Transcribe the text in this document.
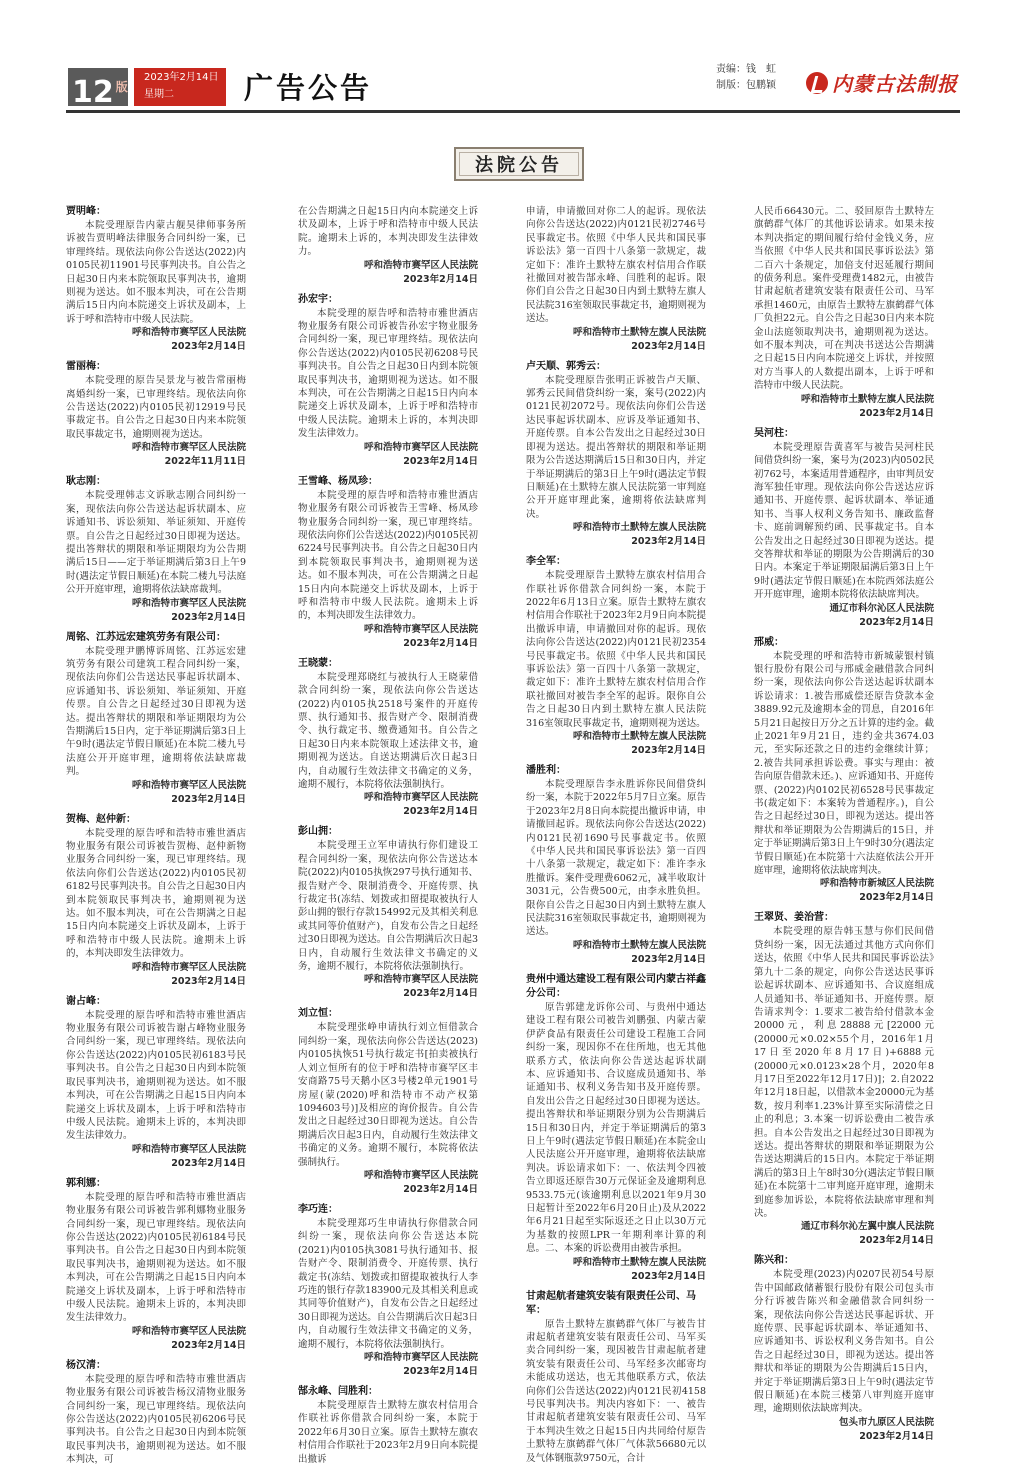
12 $^版$
2023年2月14日
星期二	广告公告
责编：钱　虹
制版：包鹏颖	内蒙古法制报
法院公告
贾明峰：

本院受理原告内蒙古舰昊律师事务所诉被告贾明峰法律服务合同纠纷一案，已审理终结。现依法向你公告送达(2022)内0105民初11901号民事判决书。自公告之日起30日内来本院领取民事判决书，逾期则视为送达。如不服本判决，可在公告期满后15日内向本院递交上诉状及副本，上诉于呼和浩特市中级人民法院。

呼和浩特市赛罕区人民法院
2023年2月14日
雷丽梅：

本院受理的原告吴景龙与被告常丽梅离婚纠纷一案，已审理终结。现依法向你公告送达(2022)内0105民初12919号民事裁定书。自公告之日起30日内来本院领取民事裁定书，逾期则视为送达。

呼和浩特市赛罕区人民法院
2022年11月11日
耿志刚：

本院受理韩志文诉耿志刚合同纠纷一案，现依法向你公告送达起诉状副本、应诉通知书、诉讼须知、举证须知、开庭传票。自公告之日起经过30日即视为送达。提出答辩状的期限和举证期限均为公告期满后15日——定于举证期满后第3日上午9时(遇法定节假日顺延)在本院二楼九号法庭公开开庭审理，逾期将依法缺席裁判。

呼和浩特市赛罕区人民法院
2023年2月14日
周铭、江苏远宏建筑劳务有限公司：

本院受理尹鹏博诉周铭、江苏远宏建筑劳务有限公司建筑工程合同纠纷一案，现依法向你们公告送达民事起诉状副本、应诉通知书、诉讼须知、举证须知、开庭传票。自公告之日起经过30日即视为送达。提出答辩状的期限和举证期限均为公告期满后15日内，定于举证期满后第3日上午9时(遇法定节假日顺延)在本院二楼九号法庭公开开庭审理，逾期将依法缺席裁判。

呼和浩特市赛罕区人民法院
2023年2月14日
贺梅、赵仲新：

本院受理的原告呼和浩特市雅世酒店物业服务有限公司诉被告贺梅、赵仲新物业服务合同纠纷一案，现已审理终结。现依法向你们公告送达(2022)内0105民初6182号民事判决书。自公告之日起30日内到本院领取民事判决书，逾期则视为送达。如不服本判决，可在公告期满之日起15日内向本院递交上诉状及副本，上诉于呼和浩特市中级人民法院。逾期未上诉的，本判决即发生法律效力。

呼和浩特市赛罕区人民法院
2023年2月14日
谢占峰：

本院受理的原告呼和浩特市雅世酒店物业服务有限公司诉被告谢占峰物业服务合同纠纷一案，现已审理终结。现依法向你公告送达(2022)内0105民初6183号民事判决书。自公告之日起30日内到本院领取民事判决书，逾期则视为送达。如不服本判决，可在公告期满之日起15日内向本院递交上诉状及副本，上诉于呼和浩特市中级人民法院。逾期未上诉的，本判决即发生法律效力。

呼和浩特市赛罕区人民法院
2023年2月14日
郭利娜：

本院受理的原告呼和浩特市雅世酒店物业服务有限公司诉被告郭利娜物业服务合同纠纷一案，现已审理终结。现依法向你公告送达(2022)内0105民初6184号民事判决书。自公告之日起30日内到本院领取民事判决书，逾期则视为送达。如不服本判决，可在公告期满之日起15日内向本院递交上诉状及副本，上诉于呼和浩特市中级人民法院。逾期未上诉的，本判决即发生法律效力。

呼和浩特市赛罕区人民法院
2023年2月14日
杨汉清：

本院受理的原告呼和浩特市雅世酒店物业服务有限公司诉被告杨汉清物业服务合同纠纷一案，现已审理终结。现依法向你公告送达(2022)内0105民初6206号民事判决书。自公告之日起30日内到本院领取民事判决书，逾期则视为送达。如不服本判决，可

在公告期满之日起15日内向本院递交上诉状及副本，上诉于呼和浩特市中级人民法院。逾期未上诉的，本判决即发生法律效力。

呼和浩特市赛罕区人民法院
2023年2月14日
孙宏宇：

本院受理的原告呼和浩特市雅世酒店物业服务有限公司诉被告孙宏宇物业服务合同纠纷一案，现已审理终结。现依法向你公告送达(2022)内0105民初6208号民事判决书。自公告之日起30日内到本院领取民事判决书，逾期则视为送达。如不服本判决，可在公告期满之日起15日内向本院递交上诉状及副本，上诉于呼和浩特市中级人民法院。逾期未上诉的，本判决即发生法律效力。

呼和浩特市赛罕区人民法院
2023年2月14日
王雪峰、杨凤珍：

本院受理的原告呼和浩特市雅世酒店物业服务有限公司诉被告王雪峰、杨凤珍物业服务合同纠纷一案，现已审理终结。现依法向你们公告送达(2022)内0105民初6224号民事判决书。自公告之日起30日内到本院领取民事判决书，逾期则视为送达。如不服本判决，可在公告期满之日起15日内向本院递交上诉状及副本，上诉于呼和浩特市中级人民法院。逾期未上诉的，本判决即发生法律效力。

呼和浩特市赛罕区人民法院
2023年2月14日
王晓蒙：

本院受理郑晓红与被执行人王晓蒙借款合同纠纷一案，现依法向你公告送达(2022)内0105执2518号案件的开庭传票、执行通知书、报告财产令、限制消费令、执行裁定书、缴费通知书。自公告之日起30日内来本院领取上述法律文书，逾期则视为送达。自送达期满后次日起3日内，自动履行生效法律文书确定的义务，逾期不履行，本院将依法强制执行。

呼和浩特市赛罕区人民法院
2023年2月14日
彭山拥：

本院受理王立军申请执行你们建设工程合同纠纷一案，现依法向你公告送达本院(2022)内0105执恢297号执行通知书、报告财产令、限制消费令、开庭传票、执行裁定书(冻结、划拨或扣留提取被执行人彭山拥的银行存款154992元及其相关利息或其同等价值财产)，自发布公告之日起经过30日即视为送达。自公告期满后次日起3日内，自动履行生效法律文书确定的义务，逾期不履行，本院将依法强制执行。

呼和浩特市赛罕区人民法院
2023年2月14日
刘立恒：

本院受理张峥申请执行刘立恒借款合同纠纷一案，现依法向你公告送达(2023)内0105执恢51号执行裁定书[拍卖被执行人刘立恒所有的位于呼和浩特市赛罕区丰安商路75号天鹅小区3号楼2单元1901号房屋(蒙(2020)呼和浩特市不动产权第1094603号)]及相应的询价报告。自公告发出之日起经过30日即视为送达。自公告期满后次日起3日内，自动履行生效法律文书确定的义务。逾期不履行，本院将依法强制执行。

呼和浩特市赛罕区人民法院
2023年2月14日
李巧连：

本院受理郑巧生申请执行你借款合同纠纷一案，现依法向你公告送达本院(2021)内0105执3081号执行通知书、报告财产令、限制消费令、开庭传票、执行裁定书(冻结、划拨或扣留提取被执行人李巧连的银行存款183900元及其相关利息或其同等价值财产)，自发布公告之日起经过30日即视为送达。自公告期满后次日起3日内，自动履行生效法律文书确定的义务，逾期不履行，本院将依法强制执行。

呼和浩特市赛罕区人民法院
2023年2月14日
郜永峰、闫胜利：

本院受理原告土默特左旗农村信用合作联社诉你借款合同纠纷一案，本院于2022年6月30日立案。原告土默特左旗农村信用合作联社于2023年2月9日向本院提出撤诉

申请，申请撤回对你二人的起诉。现依法向你公告送达(2022)内0121民初2746号民事裁定书。依照《中华人民共和国民事诉讼法》第一百四十八条第一款规定，裁定如下：准许土默特左旗农村信用合作联社撤回对被告郜永峰、闫胜利的起诉。限你们自公告之日起30日内到土默特左旗人民法院316室领取民事裁定书，逾期则视为送达。

呼和浩特市土默特左旗人民法院
2023年2月14日
卢天顺、郭秀云：

本院受理原告张明正诉被告卢天顺、郭秀云民间借贷纠纷一案，案号(2022)内0121民初2072号。现依法向你们公告送达民事起诉状副本、应诉及举证通知书、开庭传票。自本公告发出之日起经过30日即视为送达。提出答辩状的期限和举证期限为公告送达期满后15日和30日内，并定于举证期满后的第3日上午9时(遇法定节假日顺延)在土默特左旗人民法院第一审判庭公开开庭审理此案，逾期将依法缺席判决。

呼和浩特市土默特左旗人民法院
2023年2月14日
李全军：

本院受理原告土默特左旗农村信用合作联社诉你借款合同纠纷一案，本院于2022年6月13日立案。原告土默特左旗农村信用合作联社于2023年2月9日向本院提出撤诉申请，申请撤回对你的起诉。现依法向你公告送达(2022)内0121民初2354号民事裁定书。依照《中华人民共和国民事诉讼法》第一百四十八条第一款规定，裁定如下：准许土默特左旗农村信用合作联社撤回对被告李全军的起诉。限你自公告之日起30日内到土默特左旗人民法院316室领取民事裁定书，逾期则视为送达。

呼和浩特市土默特左旗人民法院
2023年2月14日
潘胜利：

本院受理原告李永胜诉你民间借贷纠纷一案，本院于2022年5月7日立案。原告于2023年2月8日向本院提出撤诉申请，申请撤回起诉。现依法向你公告送达(2022)内0121民初1690号民事裁定书。依照《中华人民共和国民事诉讼法》第一百四十八条第一款规定，裁定如下：准许李永胜撤诉。案件受理费6062元，减半收取计3031元，公告费500元，由李永胜负担。限你自公告之日起30日内到土默特左旗人民法院316室领取民事裁定书，逾期则视为送达。

呼和浩特市土默特左旗人民法院
2023年2月14日
贵州中通达建设工程有限公司内蒙古祥鑫分公司：

原告郭建龙诉你公司、与贵州中通达建设工程有限公司被告刘鹏强、内蒙古蒙伊萨食品有限责任公司建设工程施工合同纠纷一案，现因你不在住所地，也无其他联系方式，依法向你公告送达起诉状副本、应诉通知书、合议庭成员通知书、举证通知书、权利义务告知书及开庭传票。自发出公告之日起经过30日即视为送达。提出答辩状和举证期限分别为公告期满后15日和30日内，并定于举证期满后的第3日上午9时(遇法定节假日顺延)在本院金山人民法庭公开开庭审理，逾期将依法缺席判决。诉讼请求如下：一、依法判令四被告立即返还原告30万元保证金及逾期利息9533.75元(该逾期利息以2021年9月30日起暂计至2022年6月20日止)及从2022年6月21日起至实际返还之日止以30万元为基数的按照LPR一年期利率计算的利息。二、本案的诉讼费用由被告承担。

呼和浩特市土默特左旗人民法院
2023年2月14日
甘肃起航者建筑安装有限责任公司、马军：

原告土默特左旗鹤群气体厂与被告甘肃起航者建筑安装有限责任公司、马军买卖合同纠纷一案，现因被告甘肃起航者建筑安装有限责任公司、马军经多次邮寄均未能成功送达，也无其他联系方式，依法向你们公告送达(2022)内0121民初4158号民事判决书。判决内容如下：一、被告甘肃起航者建筑安装有限责任公司、马军于本判决生效之日起15日内共同给付原告土默特左旗鹤群气体厂气体款56680元以及气体钢瓶款9750元，合计

人民币66430元。二、驳回原告土默特左旗鹤群气体厂的其他诉讼请求。如果未按本判决指定的期间履行给付金钱义务，应当依照《中华人民共和国民事诉讼法》第二百六十条规定，加倍支付迟延履行期间的债务利息。案件受理费1482元，由被告甘肃起航者建筑安装有限责任公司、马军承担1460元，由原告土默特左旗鹤群气体厂负担22元。自公告之日起30日内来本院金山法庭领取判决书，逾期则视为送达。如不服本判决，可在判决书送达公告期满之日起15日内向本院递交上诉状，并按照对方当事人的人数提出副本，上诉于呼和浩特市中级人民法院。

呼和浩特市土默特左旗人民法院
2023年2月14日
吴河柱：

本院受理原告黄喜军与被告吴河柱民间借贷纠纷一案，案号为(2023)内0502民初762号，本案适用普通程序，由审判员安海军独任审理。现依法向你公告送达应诉通知书、开庭传票、起诉状副本、举证通知书、当事人权利义务告知书、廉政监督卡、庭前调解预约函、民事裁定书。自本公告发出之日起经过30日即视为送达。提交答辩状和举证的期限为公告期满后的30日内。本案定于举证期限届满后第3日上午9时(遇法定节假日顺延)在本院西郊法庭公开开庭审理，逾期本院将依法缺席判决。

通辽市科尔沁区人民法院
2023年2月14日
邢威：

本院受理的呼和浩特市新城蒙银村镇银行股份有限公司与邢威金融借款合同纠纷一案，现依法向你公告送达起诉状副本诉讼请求：1.被告邢威偿还原告贷款本金3889.92元及逾期本金的罚息，自2016年5月21日起按日万分之五计算的违约金。截止2021年9月21日，违约金共3674.03元，至实际还款之日的违约金继续计算；2.被告共同承担诉讼费。事实与理由：被告向原告借款未还。)、应诉通知书、开庭传票、(2022)内0102民初6528号民事裁定书(裁定如下：本案转为普通程序。)，自公告之日起经过30日，即视为送达。提出答辩状和举证期限为公告期满后的15日，并定于举证期满后第3日上午9时30分(遇法定节假日顺延)在本院第十六法庭依法公开开庭审理，逾期将依法缺席判决。

呼和浩特市新城区人民法院
2023年2月14日
王翠贤、姜治营：

本院受理的原告韩玉慧与你们民间借贷纠纷一案，因无法通过其他方式向你们送达，依照《中华人民共和国民事诉讼法》第九十二条的规定，向你公告送达民事诉讼起诉状副本、应诉通知书、合议庭组成人员通知书、举证通知书、开庭传票。原告请求判令：1.要求二被告给付借款本金20000元，利息28888元[22000元(20000元×0.02×55个月，2016年1月17日至2020年8月17日)+6888元(20000元×0.0123×28个月，2020年8月17日至2022年12月17日)]；2.自2022年12月18日起，以借款本金20000元为基数，按月利率1.23%计算至实际清偿之日止的利息；3.本案一切诉讼费由二被告承担。自本公告发出之日起经过30日即视为送达。提出答辩状的期限和举证期限为公告送达期满后的15日内。本院定于举证期满后的第3日上午8时30分(遇法定节假日顺延)在本院第十二审判庭开庭审理，逾期未到庭参加诉讼，本院将依法缺席审理和判决。

通辽市科尔沁左翼中旗人民法院
2023年2月14日
陈兴和：

本院受理(2023)内0207民初54号原告中国邮政储蓄银行股份有限公司包头市分行诉被告陈兴和金融借款合同纠纷一案，现依法向你公告送达民事起诉状、开庭传票、民事起诉状副本、举证通知书、应诉通知书、诉讼权利义务告知书。自公告之日起经过30日，即视为送达。提出答辩状和举证的期限为公告期满后15日内，并定于举证期满后第3日上午9时(遇法定节假日顺延)在本院三楼第八审判庭开庭审理，逾期则依法缺席判决。

包头市九原区人民法院
2023年2月14日
